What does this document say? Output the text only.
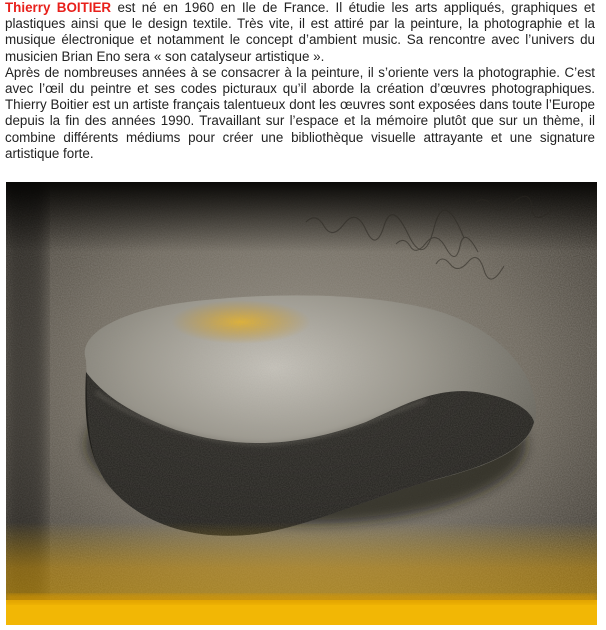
Thierry BOITIER est né en 1960 en Ile de France. Il étudie les arts appliqués, graphiques et plastiques ainsi que le design textile. Très vite, il est attiré par la peinture, la photographie et la musique électronique et notamment le concept d’ambient music. Sa rencontre avec l’univers du musicien Brian Eno sera « son catalyseur artistique ».

Après de nombreuses années à se consacrer à la peinture, il s’oriente vers la photographie. C’est avec l’œil du peintre et ses codes picturaux qu’il aborde la création d’œuvres photographiques. Thierry Boitier est un artiste français talentueux dont les œuvres sont exposées dans toute l’Europe depuis la fin des années 1990. Travaillant sur l’espace et la mémoire plutôt que sur un thème, il combine différents médiums pour créer une bibliothèque visuelle attrayante et une signature artistique forte.
